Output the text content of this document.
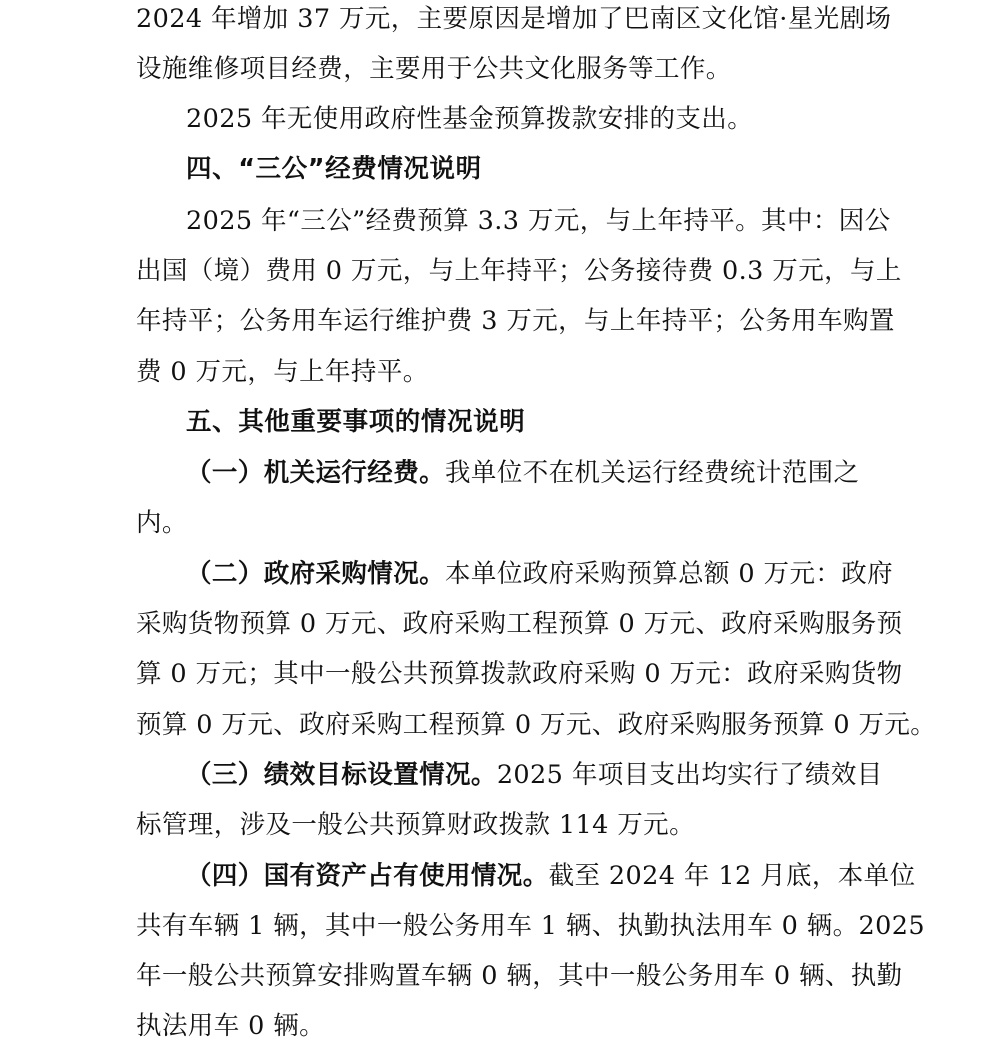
2024 年增加 37 万元，主要原因是增加了巴南区文化馆·星光剧场
设施维修项目经费，主要用于公共文化服务等工作。
2025 年无使用政府性基金预算拨款安排的支出。
四、“三公”经费情况说明
2025 年“三公”经费预算 3.3 万元，与上年持平。其中：因公
出国（境）费用 0 万元，与上年持平；公务接待费 0.3 万元，与上
年持平；公务用车运行维护费 3 万元，与上年持平；公务用车购置
费 0 万元，与上年持平。
五、其他重要事项的情况说明
（一）机关运行经费。我单位不在机关运行经费统计范围之
内。
（二）政府采购情况。本单位政府采购预算总额 0 万元：政府
采购货物预算 0 万元、政府采购工程预算 0 万元、政府采购服务预
算 0 万元；其中一般公共预算拨款政府采购 0 万元：政府采购货物
预算 0 万元、政府采购工程预算 0 万元、政府采购服务预算 0 万元。
（三）绩效目标设置情况。2025 年项目支出均实行了绩效目
标管理，涉及一般公共预算财政拨款 114 万元。
（四）国有资产占有使用情况。截至 2024 年 12 月底，本单位
共有车辆 1 辆，其中一般公务用车 1 辆、执勤执法用车 0 辆。2025
年一般公共预算安排购置车辆 0 辆，其中一般公务用车 0 辆、执勤
执法用车 0 辆。
